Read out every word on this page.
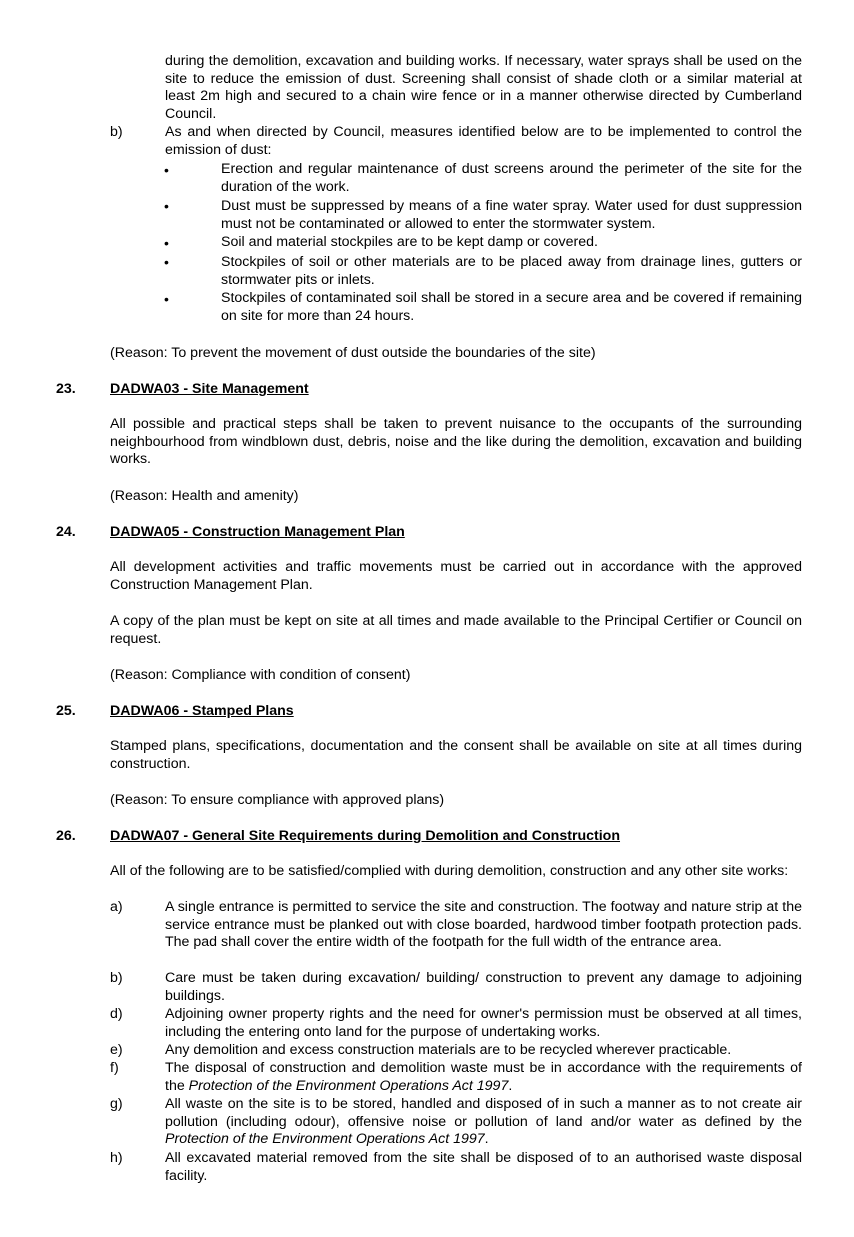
during the demolition, excavation and building works. If necessary, water sprays shall be used on the site to reduce the emission of dust. Screening shall consist of shade cloth or a similar material at least 2m high and secured to a chain wire fence or in a manner otherwise directed by Cumberland Council.
b)	As and when directed by Council, measures identified below are to be implemented to control the emission of dust:
•	Erection and regular maintenance of dust screens around the perimeter of the site for the duration of the work.
•	Dust must be suppressed by means of a fine water spray. Water used for dust suppression must not be contaminated or allowed to enter the stormwater system.
•	Soil and material stockpiles are to be kept damp or covered.
•	Stockpiles of soil or other materials are to be placed away from drainage lines, gutters or stormwater pits or inlets.
•	Stockpiles of contaminated soil shall be stored in a secure area and be covered if remaining on site for more than 24 hours.
(Reason: To prevent the movement of dust outside the boundaries of the site)
23. DADWA03 - Site Management
All possible and practical steps shall be taken to prevent nuisance to the occupants of the surrounding neighbourhood from windblown dust, debris, noise and the like during the demolition, excavation and building works.
(Reason: Health and amenity)
24. DADWA05 - Construction Management Plan
All development activities and traffic movements must be carried out in accordance with the approved Construction Management Plan.
A copy of the plan must be kept on site at all times and made available to the Principal Certifier or Council on request.
(Reason: Compliance with condition of consent)
25. DADWA06 - Stamped Plans
Stamped plans, specifications, documentation and the consent shall be available on site at all times during construction.
(Reason: To ensure compliance with approved plans)
26. DADWA07 - General Site Requirements during Demolition and Construction
All of the following are to be satisfied/complied with during demolition, construction and any other site works:
a)	A single entrance is permitted to service the site and construction. The footway and nature strip at the service entrance must be planked out with close boarded, hardwood timber footpath protection pads. The pad shall cover the entire width of the footpath for the full width of the entrance area.
b)	Care must be taken during excavation/ building/ construction to prevent any damage to adjoining buildings.
d)	Adjoining owner property rights and the need for owner's permission must be observed at all times, including the entering onto land for the purpose of undertaking works.
e)	Any demolition and excess construction materials are to be recycled wherever practicable.
f)	The disposal of construction and demolition waste must be in accordance with the requirements of the Protection of the Environment Operations Act 1997.
g)	All waste on the site is to be stored, handled and disposed of in such a manner as to not create air pollution (including odour), offensive noise or pollution of land and/or water as defined by the Protection of the Environment Operations Act 1997.
h)	All excavated material removed from the site shall be disposed of to an authorised waste disposal facility.
